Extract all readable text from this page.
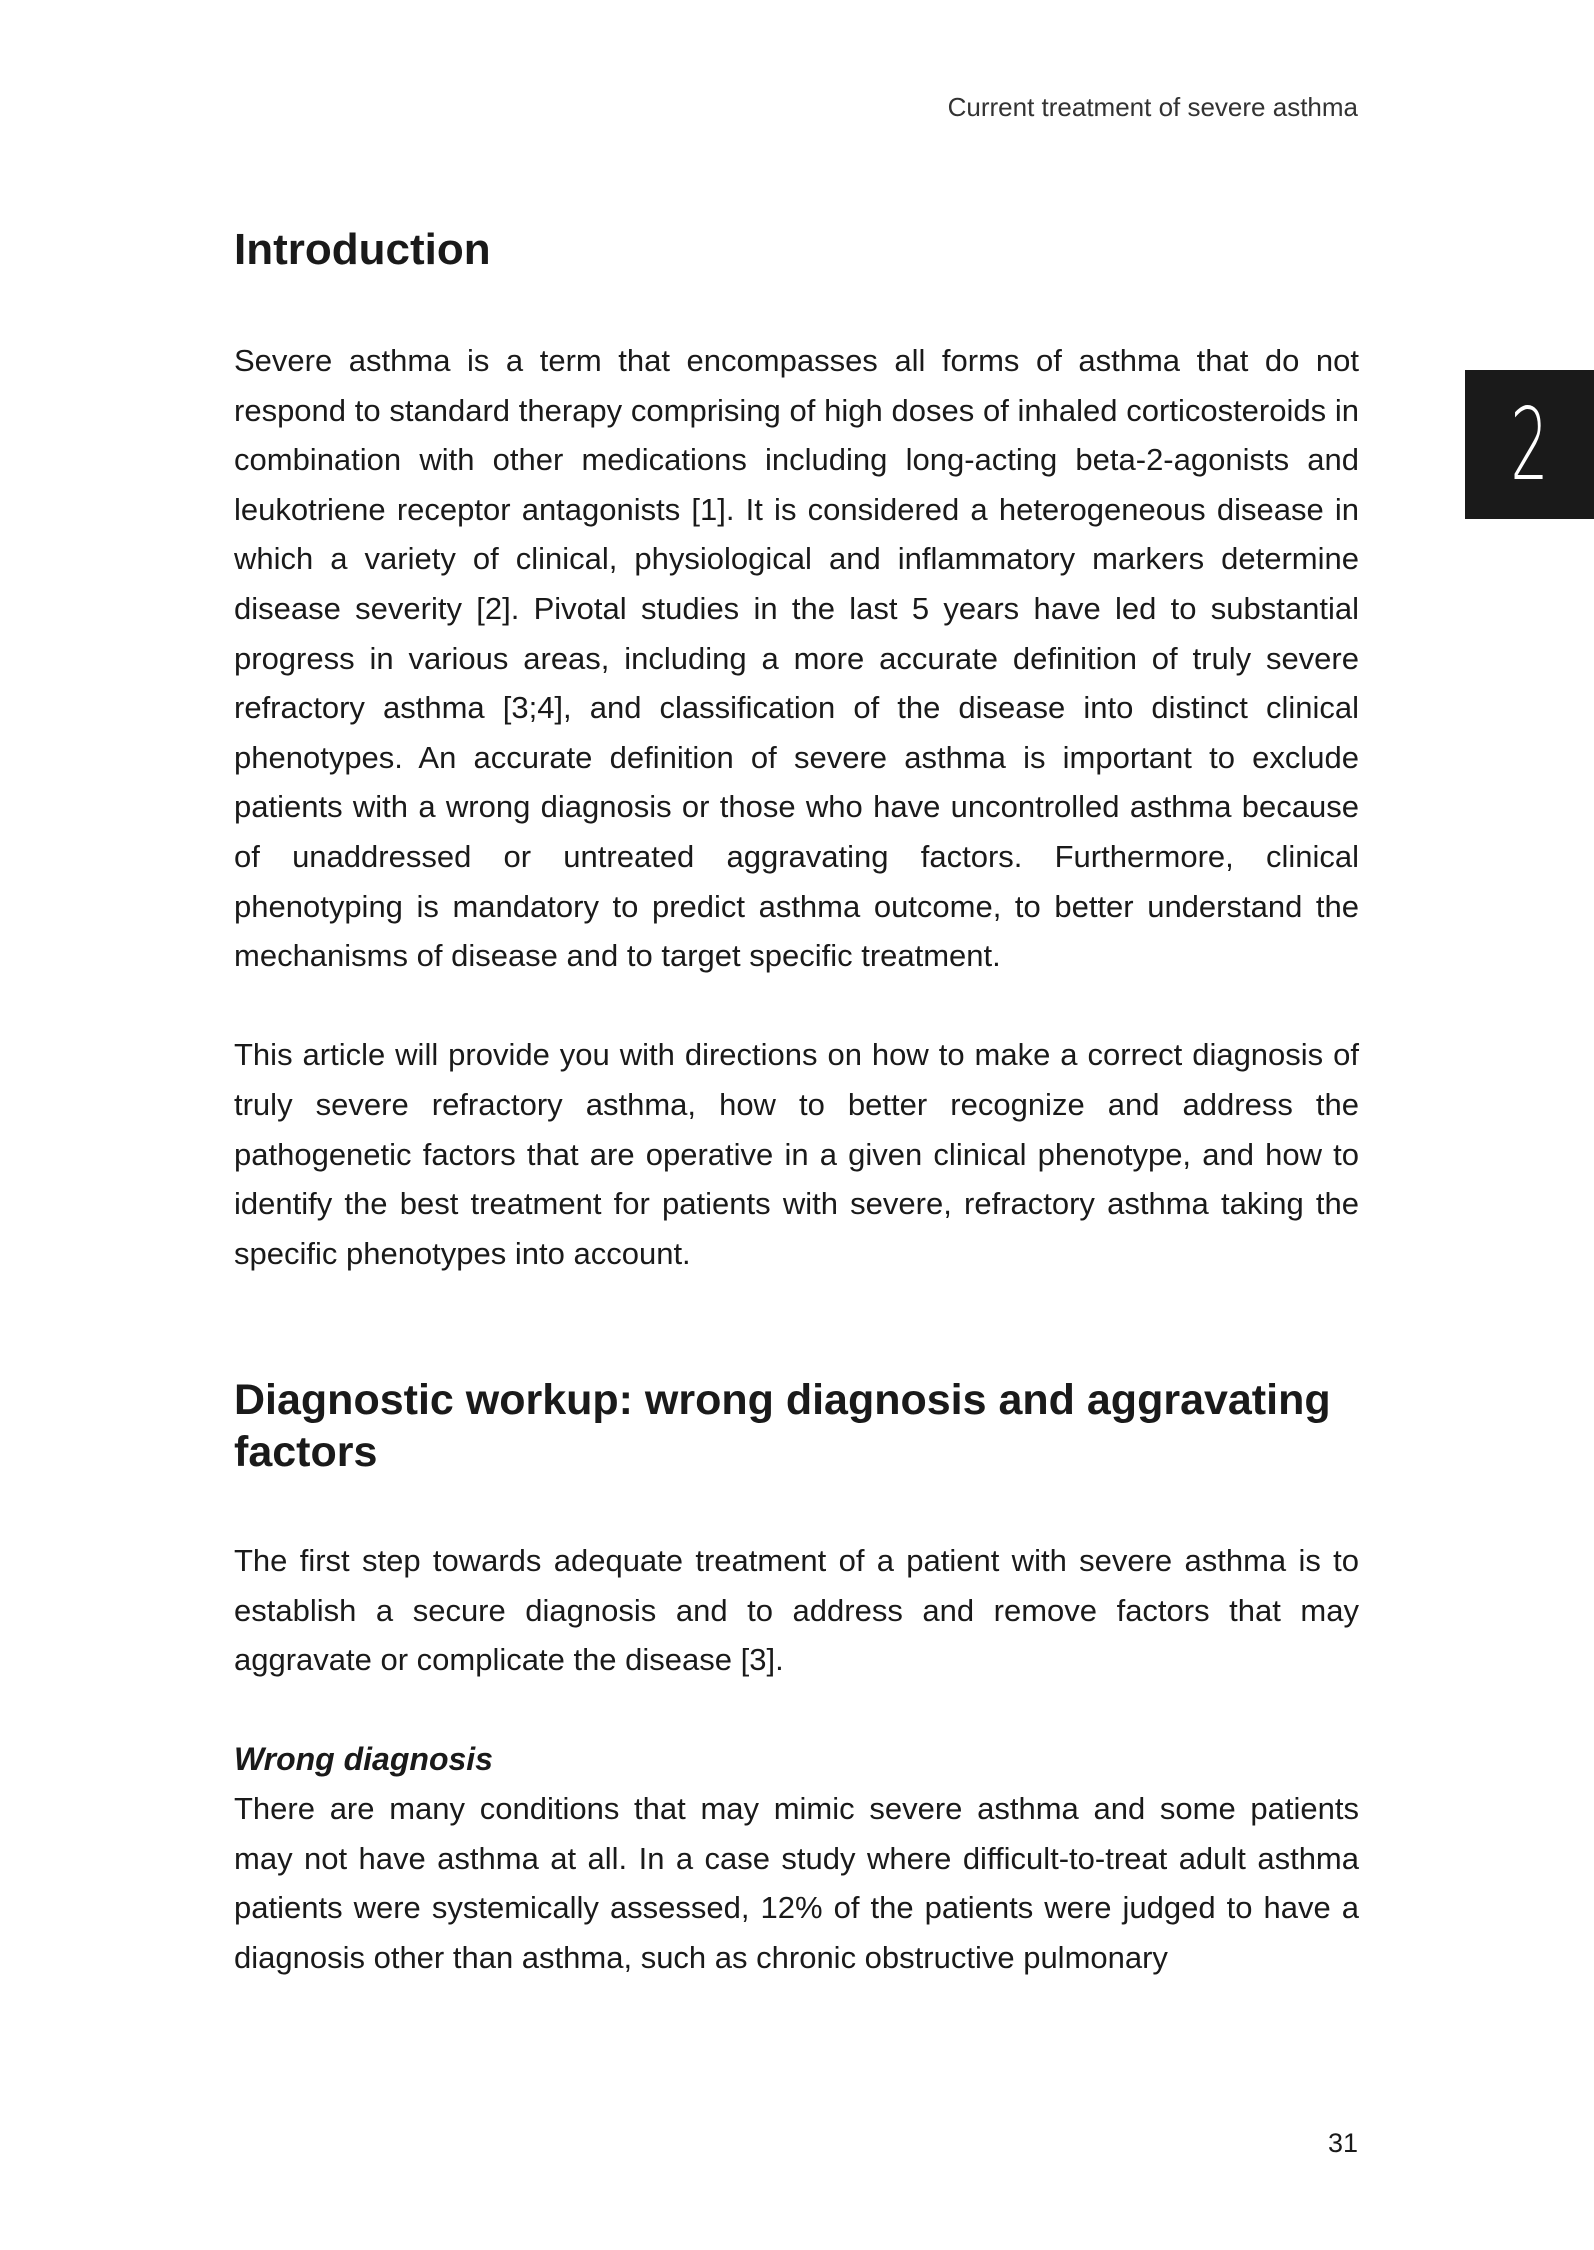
Current treatment of severe asthma
2
Introduction

Severe asthma is a term that encompasses all forms of asthma that do not respond to standard therapy comprising of high doses of inhaled corticosteroids in combination with other medications including long-acting beta-2-agonists and leukotriene receptor antagonists [1]. It is considered a heterogeneous disease in which a variety of clinical, physiological and inflammatory markers determine disease severity [2]. Pivotal studies in the last 5 years have led to substantial progress in various areas, including a more accurate definition of truly severe refractory asthma [3;4], and classification of the disease into distinct clinical phenotypes. An accurate definition of severe asthma is important to exclude patients with a wrong diagnosis or those who have uncontrolled asthma because of unaddressed or untreated aggravating factors. Furthermore, clinical phenotyping is mandatory to predict asthma outcome, to better understand the mechanisms of disease and to target specific treatment.

This article will provide you with directions on how to make a correct diagnosis of truly severe refractory asthma, how to better recognize and address the pathogenetic factors that are operative in a given clinical phenotype, and how to identify the best treatment for patients with severe, refractory asthma taking the specific phenotypes into account.

Diagnostic workup: wrong diagnosis and aggravating factors

The first step towards adequate treatment of a patient with severe asthma is to establish a secure diagnosis and to address and remove factors that may aggravate or complicate the disease [3].

Wrong diagnosis

There are many conditions that may mimic severe asthma and some patients may not have asthma at all. In a case study where difficult-to-treat adult asthma patients were systemically assessed, 12% of the patients were judged to have a diagnosis other than asthma, such as chronic obstructive pulmonary

31
